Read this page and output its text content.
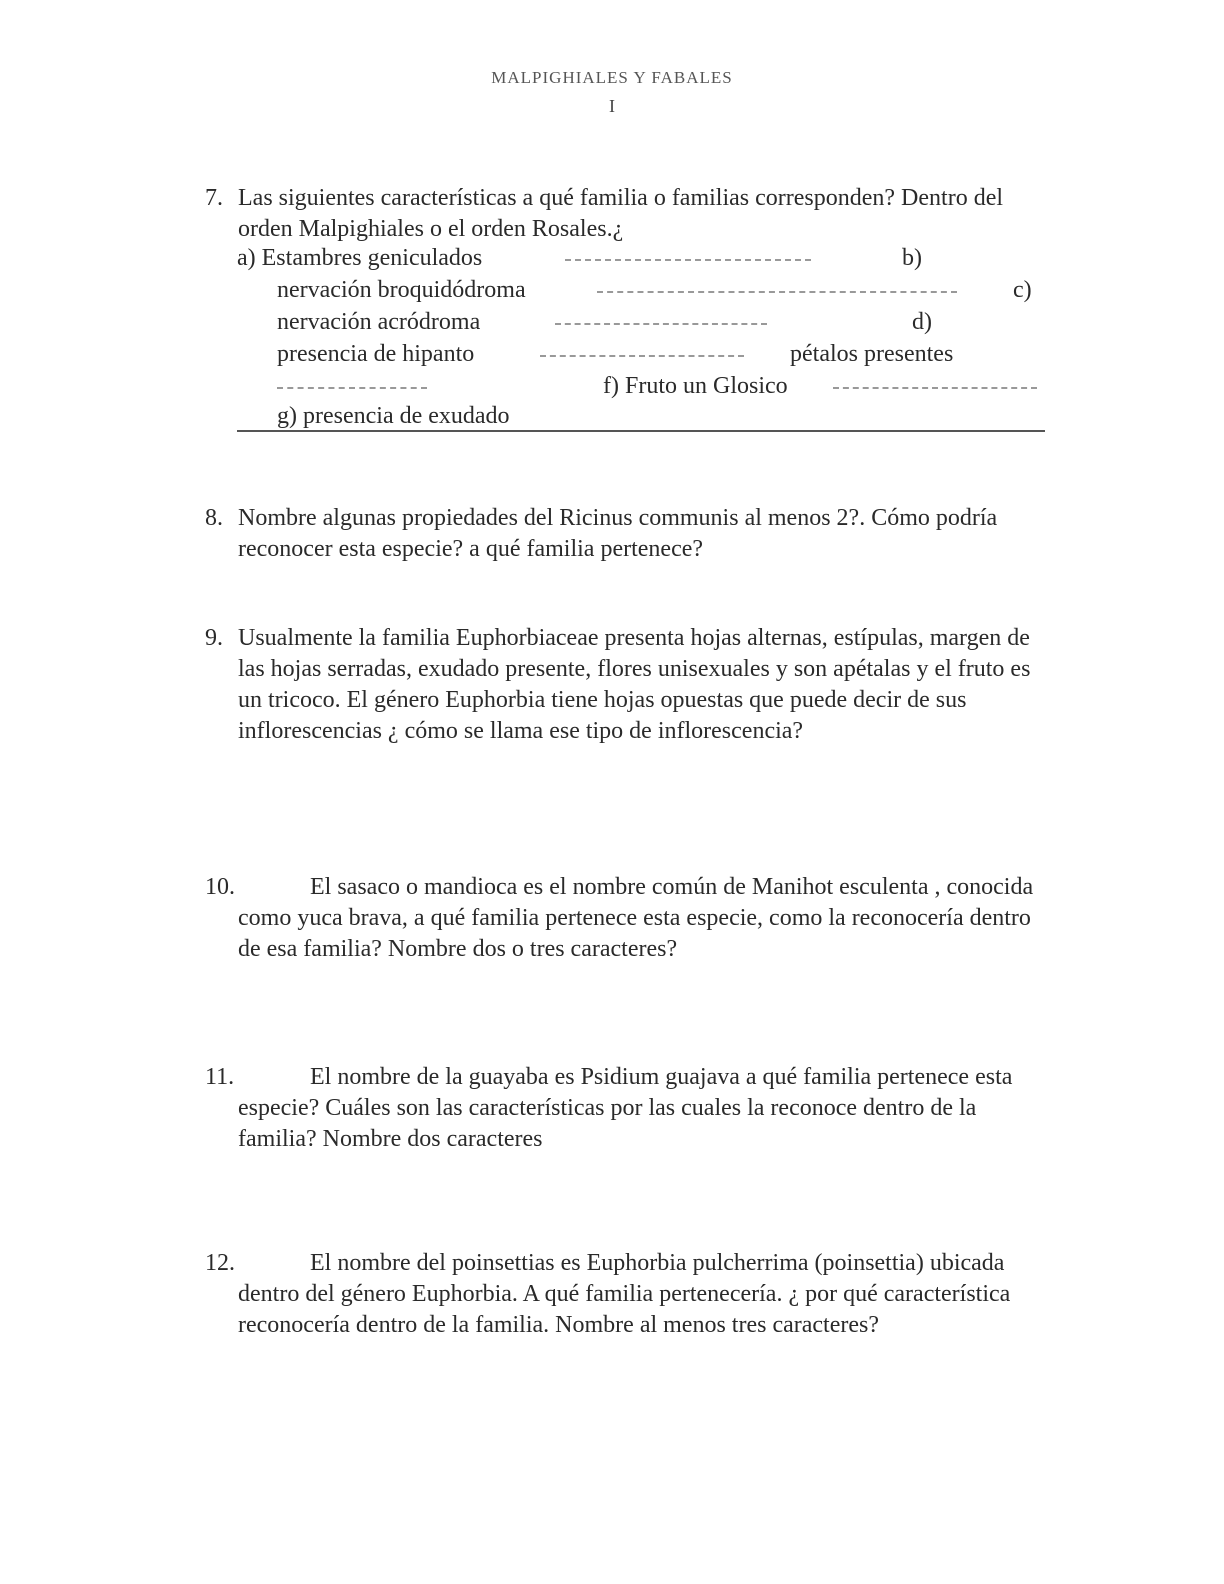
MALPIGHIALES Y FABALES
I
7. Las siguientes características a qué familia o familias corresponden? Dentro del orden Malpighiales o el orden Rosales.¿
a) Estambres geniculados	b)
nervación broquidódroma	c)
nervación acródroma	d)
presencia de hipanto	pétalos presentes
f) Fruto un Glosico
g) presencia de exudado
8. Nombre algunas propiedades del Ricinus communis al menos 2?. Cómo podría reconocer esta especie? a qué familia pertenece?
9. Usualmente la familia Euphorbiaceae presenta hojas alternas, estípulas, margen de las hojas serradas, exudado presente, flores unisexuales y son apétalas y el fruto es un tricoco. El género Euphorbia tiene hojas opuestas que puede decir de sus inflorescencias ¿ cómo se llama ese tipo de inflorescencia?
10.	El sasaco o mandioca es el nombre común de Manihot esculenta , conocida como yuca brava, a qué familia pertenece esta especie, como la reconocería dentro de esa familia? Nombre dos o tres caracteres?
11.	El nombre de la guayaba es Psidium guajava a qué familia pertenece esta especie? Cuáles son las características por las cuales la reconoce dentro de la familia? Nombre dos caracteres
12.	El nombre del poinsettias es Euphorbia pulcherrima (poinsettia) ubicada dentro del género Euphorbia. A qué familia pertenecería. ¿ por qué característica reconocería dentro de la familia. Nombre al menos tres caracteres?
